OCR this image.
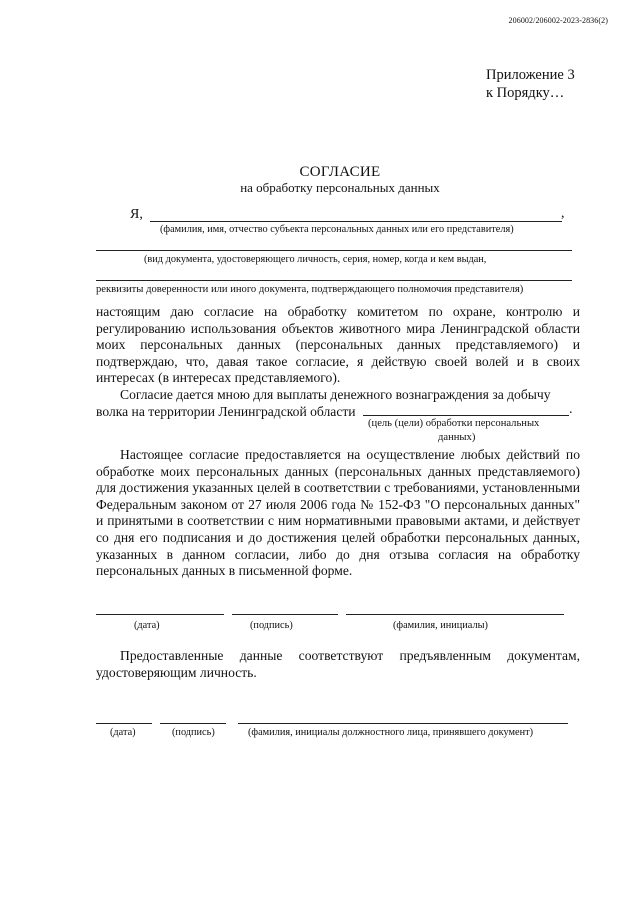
206002/206002-2023-2836(2)
Приложение 3
к Порядку…
СОГЛАСИЕ
на обработку персональных данных
Я,	,
(фамилия, имя, отчество субъекта персональных данных или его представителя)
(вид документа, удостоверяющего личность, серия, номер, когда и кем выдан,
реквизиты доверенности или иного документа, подтверждающего полномочия представителя)

настоящим даю согласие на обработку комитетом по охране, контролю и регулированию использования объектов животного мира Ленинградской области моих персональных данных (персональных данных представляемого) и подтверждаю, что, давая такое согласие, я действую своей волей и в своих интересах (в интересах представляемого).

Согласие дается мною для выплаты денежного вознаграждения за добычу

волка на территории Ленинградской области	.
(цель (цели) обработки персональных
данных)

Настоящее согласие предоставляется на осуществление любых действий по обработке моих персональных данных (персональных данных представляемого) для достижения указанных целей в соответствии с требованиями, установленными Федеральным законом от 27 июля 2006 года № 152-ФЗ "О персональных данных" и принятыми в соответствии с ним нормативными правовыми актами, и действует со дня его подписания и до достижения целей обработки персональных данных, указанных в данном согласии, либо до дня отзыва согласия на обработку персональных данных в письменной форме.

(дата)	(подпись)	(фамилия, инициалы)

Предоставленные данные соответствуют предъявленным документам, удостоверяющим личность.

(дата)	(подпись)	(фамилия, инициалы должностного лица, принявшего документ)
